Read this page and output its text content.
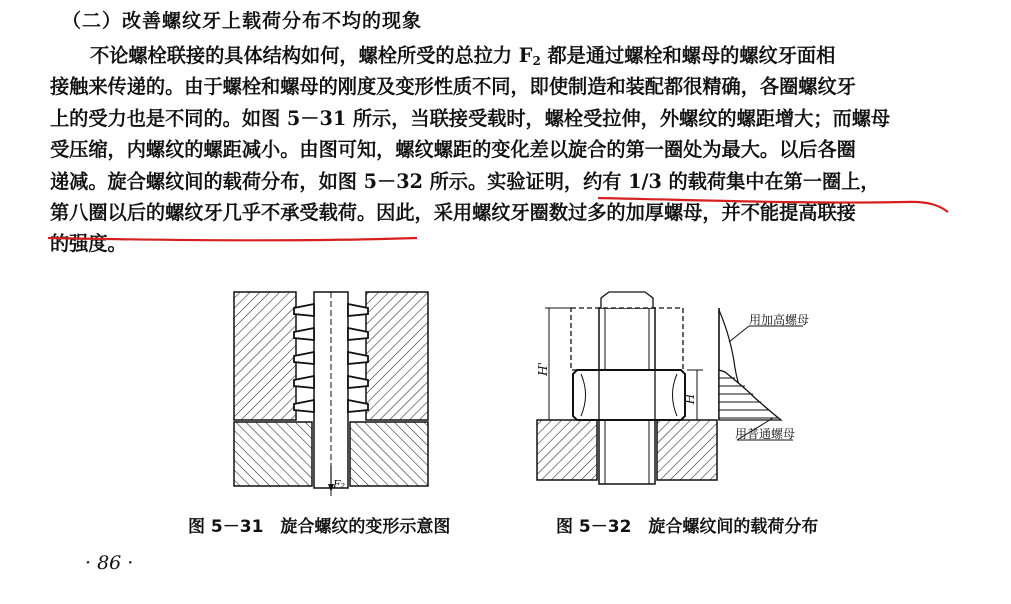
（二）改善螺纹牙上载荷分布不均的现象
不论螺栓联接的具体结构如何，螺栓所受的总拉力 $F_2$ 都是通过螺栓和螺母的螺纹牙面相
接触来传递的。由于螺栓和螺母的刚度及变形性质不同，即使制造和装配都很精确，各圈螺纹牙
上的受力也是不同的。如图 5－31 所示，当联接受载时，螺栓受拉伸，外螺纹的螺距增大；而螺母
受压缩，内螺纹的螺距减小。由图可知，螺纹螺距的变化差以旋合的第一圈处为最大。以后各圈
递减。旋合螺纹间的载荷分布，如图 5－32 所示。实验证明，约有 1/3 的载荷集中在第一圈上，
第八圈以后的螺纹牙几乎不承受载荷。因此，采用螺纹牙圈数过多的加厚螺母，并不能提高联接
的强度。
F₂
图 5－31　旋合螺纹的变形示意图
用加高螺母
用普通螺母
H'
H
图 5－32　旋合螺纹间的载荷分布
· 86 ·
